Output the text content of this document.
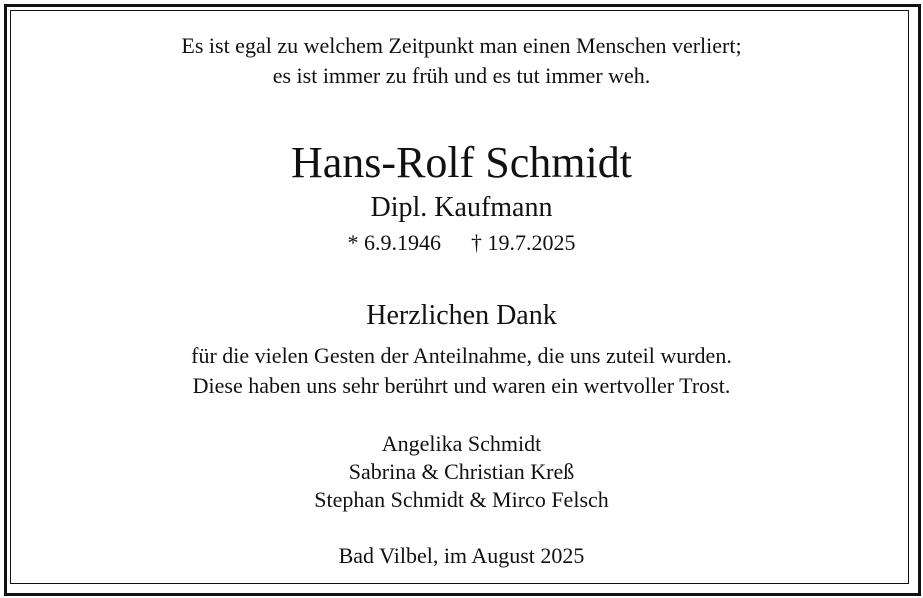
Es ist egal zu welchem Zeitpunkt man einen Menschen verliert;
es ist immer zu früh und es tut immer weh.
Hans-Rolf Schmidt
Dipl. Kaufmann
* 6.9.1946 † 19.7.2025
Herzlichen Dank
für die vielen Gesten der Anteilnahme, die uns zuteil wurden.
Diese haben uns sehr berührt und waren ein wertvoller Trost.
Angelika Schmidt
Sabrina & Christian Kreß
Stephan Schmidt & Mirco Felsch
Bad Vilbel, im August 2025
